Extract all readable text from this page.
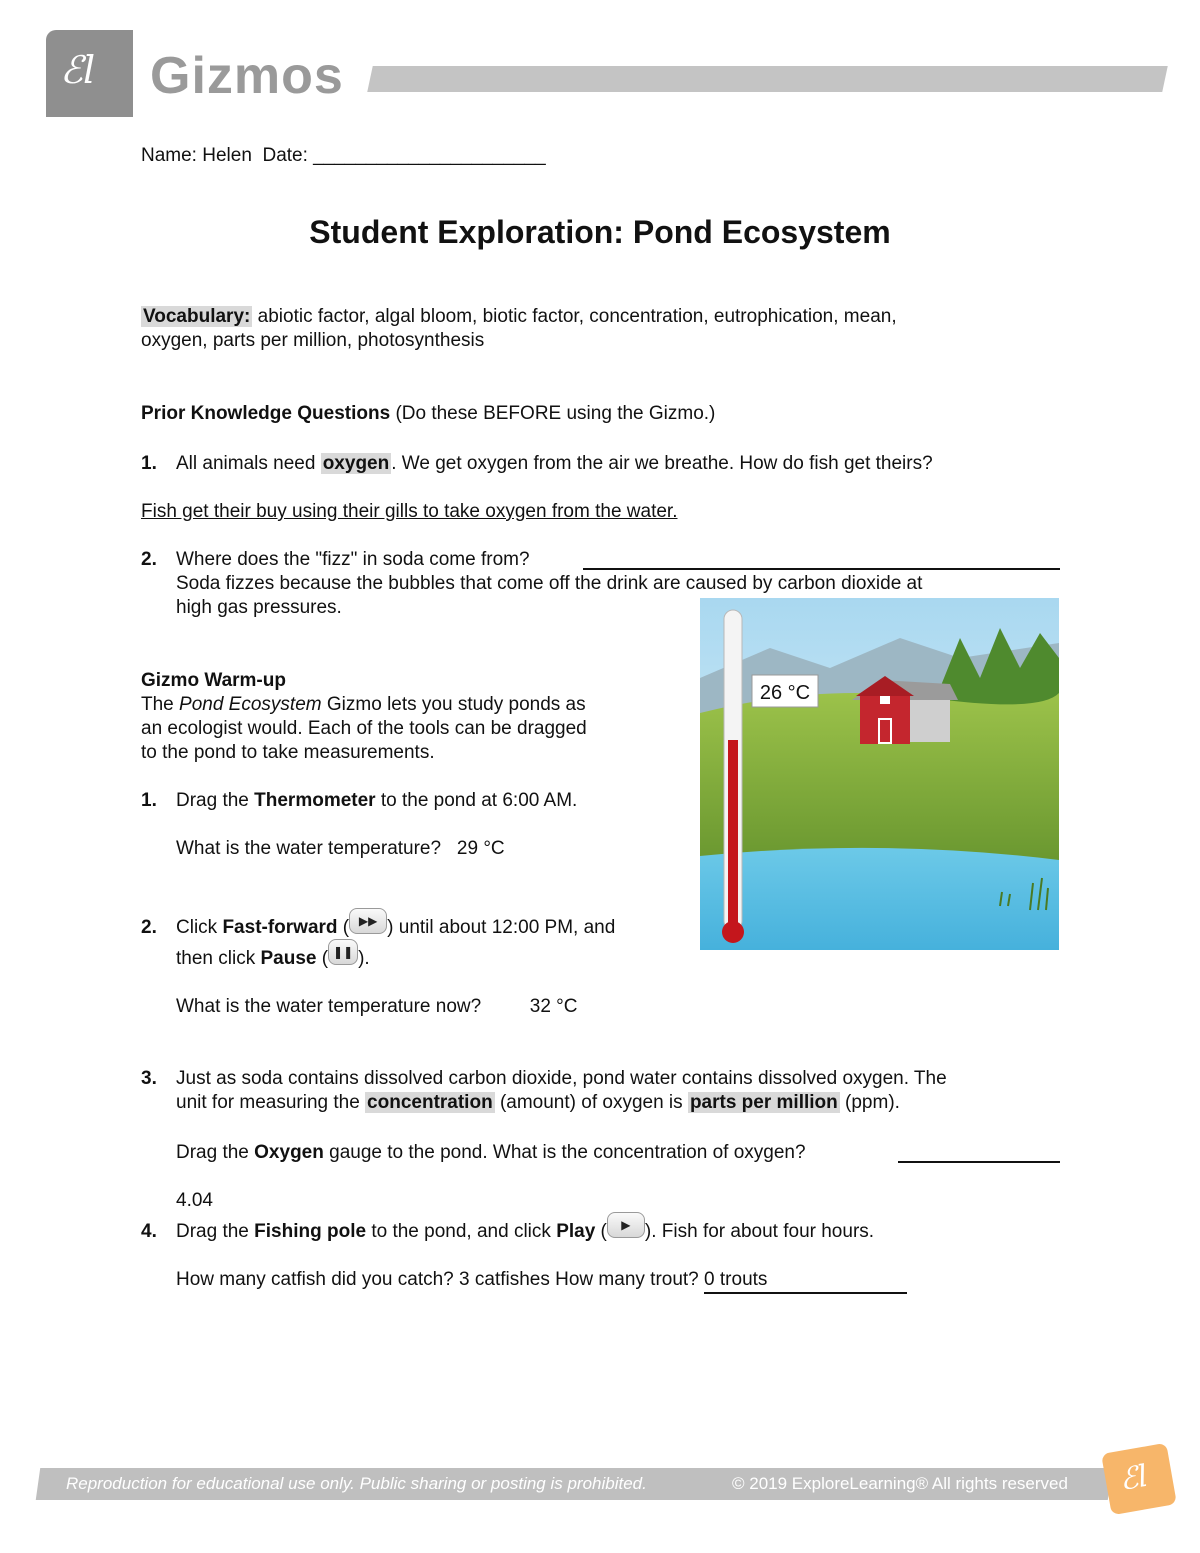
ℰl Gizmos
Name: Helen Date: ______________________
Student Exploration: Pond Ecosystem
Vocabulary: abiotic factor, algal bloom, biotic factor, concentration, eutrophication, mean,
oxygen, parts per million, photosynthesis
Prior Knowledge Questions (Do these BEFORE using the Gizmo.)
1. All animals need oxygen . We get oxygen from the air we breathe. How do fish get theirs?
Fish get their buy using their gills to take oxygen from the water.
2. Where does the "fizz" in soda come from?
Soda fizzes because the bubbles that come off the drink are caused by carbon dioxide at
high gas pressures.
Gizmo Warm-up
The Pond Ecosystem Gizmo lets you study ponds as
an ecologist would. Each of the tools can be dragged
to the pond to take measurements.
1. Drag the Thermometer to the pond at 6:00 AM.
What is the water temperature? 29 °C
2. Click Fast-forward ( ▶▶ ) until about 12:00 PM, and
then click Pause ( ❚❚ ).
What is the water temperature now?	32 °C
3. Just as soda contains dissolved carbon dioxide, pond water contains dissolved oxygen. The
unit for measuring the concentration (amount) of oxygen is parts per million (ppm).
Drag the Oxygen gauge to the pond. What is the concentration of oxygen?
4.04
4. Drag the Fishing pole to the pond, and click Play ( ▶ ). Fish for about four hours.
How many catfish did you catch? 3 catfishes How many trout? 0 trouts
26 °C
Reproduction for educational use only. Public sharing or posting is prohibited.	© 2019 ExploreLearning® All rights reserved ℰl
